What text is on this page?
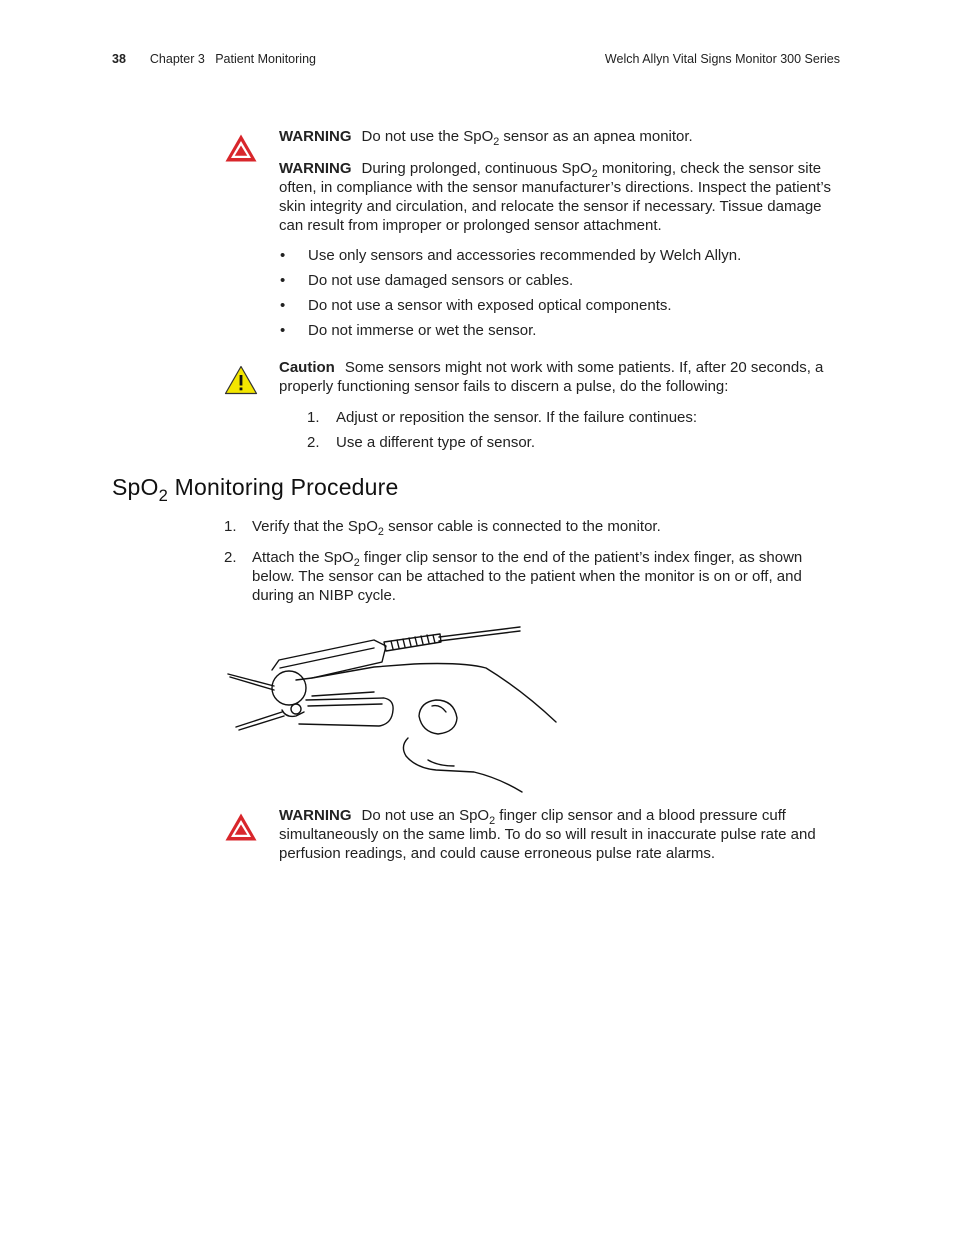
38 Chapter 3   Patient Monitoring	Welch Allyn Vital Signs Monitor 300 Series

WARNING Do not use the SpO$_2$ sensor as an apnea monitor.

WARNING During prolonged, continuous SpO$_2$ monitoring, check the sensor site often, in compliance with the sensor manufacturer’s directions. Inspect the patient’s skin integrity and circulation, and relocate the sensor if necessary. Tissue damage can result from improper or prolonged sensor attachment.

• Use only sensors and accessories recommended by Welch Allyn.
• Do not use damaged sensors or cables.
• Do not use a sensor with exposed optical components.
• Do not immerse or wet the sensor.

Caution Some sensors might not work with some patients. If, after 20 seconds, a properly functioning sensor fails to discern a pulse, do the following:

1. Adjust or reposition the sensor. If the failure continues:
2. Use a different type of sensor.
SpO$_2$ Monitoring Procedure
1. Verify that the SpO$_2$ sensor cable is connected to the monitor.
2. Attach the SpO$_2$ finger clip sensor to the end of the patient’s index finger, as shown below. The sensor can be attached to the patient when the monitor is on or off, and during an NIBP cycle.

WARNING Do not use an SpO$_2$ finger clip sensor and a blood pressure cuff simultaneously on the same limb. To do so will result in inaccurate pulse rate and perfusion readings, and could cause erroneous pulse rate alarms.
